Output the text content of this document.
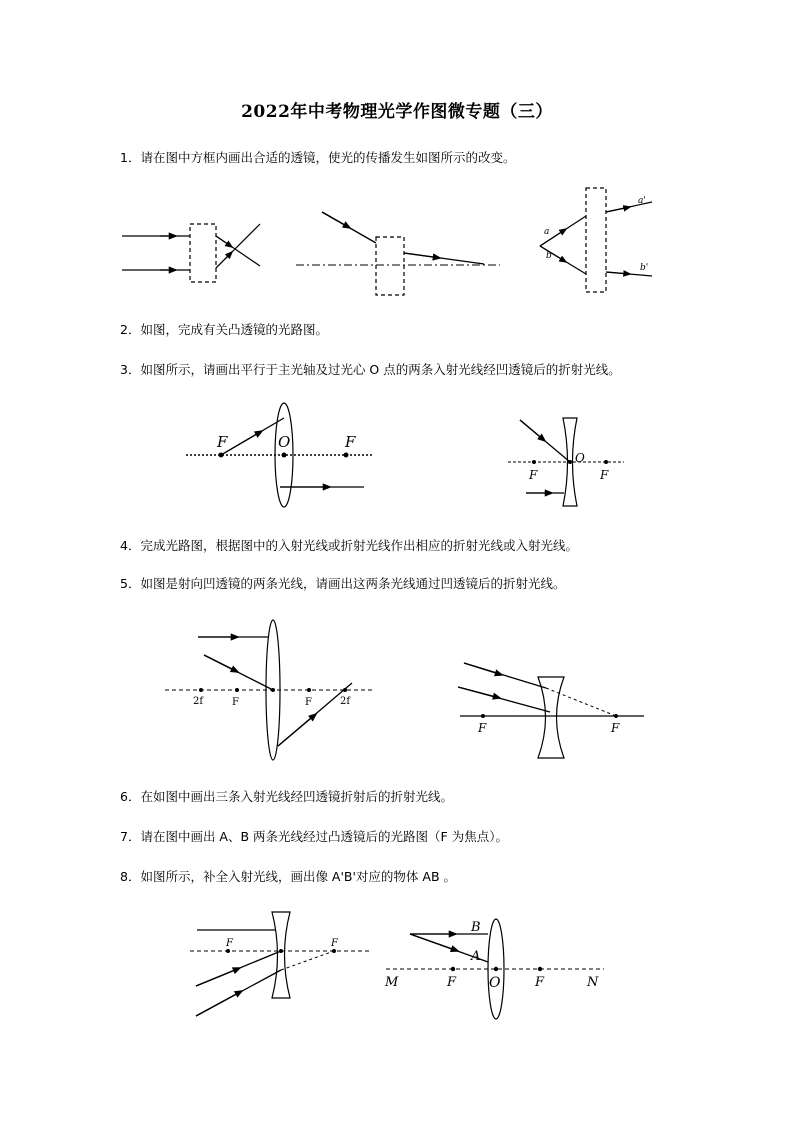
2022年中考物理光学作图微专题（三）
1．请在图中方框内画出合适的透镜，使光的传播发生如图所示的改变。
a
b
a'
b'
F	O	F
F
O
F
2f	F	F	2f
F	F
F	F
B
A
M	F O	F	N
2．如图，完成有关凸透镜的光路图。
3．如图所示，请画出平行于主光轴及过光心 O 点的两条入射光线经凹透镜后的折射光线。
4．完成光路图，根据图中的入射光线或折射光线作出相应的折射光线或入射光线。
5．如图是射向凹透镜的两条光线，请画出这两条光线通过凹透镜后的折射光线。
6．在如图中画出三条入射光线经凹透镜折射后的折射光线。
7．请在图中画出 A、B 两条光线经过凸透镜后的光路图（F 为焦点）。
8．如图所示，补全入射光线，画出像 A'B'对应的物体 AB 。
